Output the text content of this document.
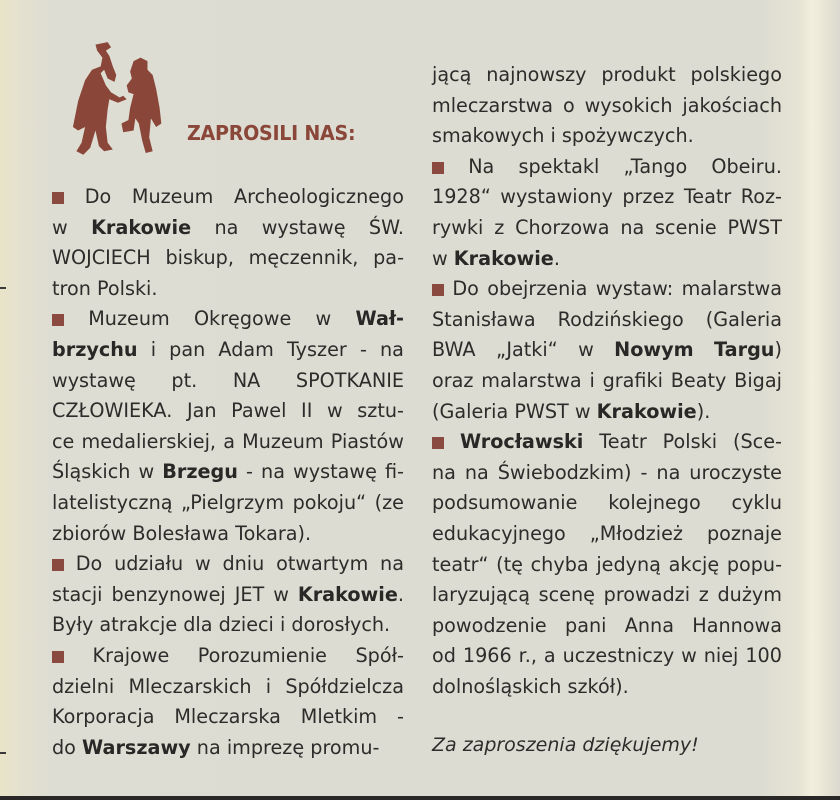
ZAPROSILI NAS:
Do Muzeum Archeologicznego
w Krakowie na wystawę ŚW.
WOJCIECH biskup, męczennik, pa-
tron Polski.
Muzeum Okręgowe w Wał-
brzychu i pan Adam Tyszer - na
wystawę pt. NA SPOTKANIE
CZŁOWIEKA. Jan Pawel II w sztu-
ce medalierskiej, a Muzeum Piastów
Śląskich w Brzegu - na wystawę fi-
latelistyczną „Pielgrzym pokoju“ (ze
zbiorów Bolesława Tokara).
Do udziału w dniu otwartym na
stacji benzynowej JET w Krakowie.
Były atrakcje dla dzieci i dorosłych.
Krajowe Porozumienie Spół-
dzielni Mleczarskich i Spółdzielcza
Korporacja Mleczarska Mletkim -
do Warszawy na imprezę promu-
jącą najnowszy produkt polskiego
mleczarstwa o wysokich jakościach
smakowych i spożywczych.
Na spektakl „Tango Obeiru.
1928“ wystawiony przez Teatr Roz-
rywki z Chorzowa na scenie PWST
w Krakowie.
Do obejrzenia wystaw: malarstwa
Stanisława Rodzińskiego (Galeria
BWA „Jatki“ w Nowym Targu)
oraz malarstwa i grafiki Beaty Bigaj
(Galeria PWST w Krakowie).
Wrocławski Teatr Polski (Sce-
na na Świebodzkim) - na uroczyste
podsumowanie kolejnego cyklu
edukacyjnego „Młodzież poznaje
teatr“ (tę chyba jedyną akcję popu-
laryzującą scenę prowadzi z dużym
powodzenie pani Anna Hannowa
od 1966 r., a uczestniczy w niej 100
dolnośląskich szkół).
Za zaproszenia dziękujemy!
